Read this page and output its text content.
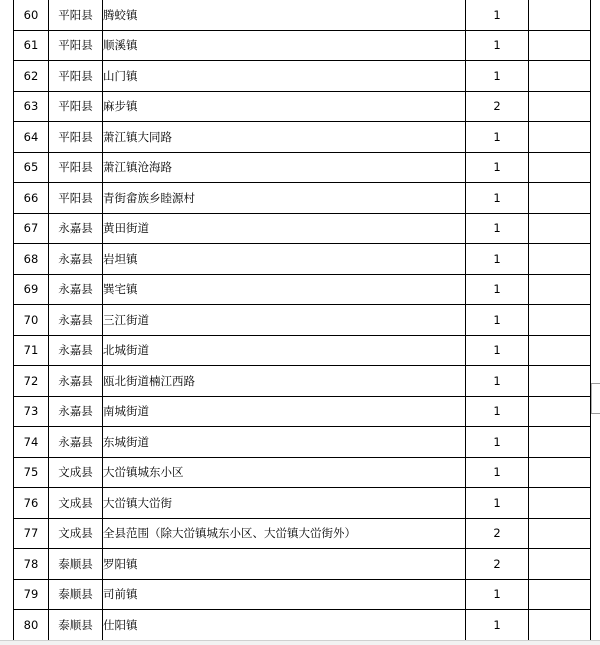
60	平阳县	腾蛟镇	1	
61	平阳县	顺溪镇	1	
62	平阳县	山门镇	1	
63	平阳县	麻步镇	2	
64	平阳县	萧江镇大同路	1	
65	平阳县	萧江镇沧海路	1	
66	平阳县	青街畲族乡睦源村	1	
67	永嘉县	黄田街道	1	
68	永嘉县	岩坦镇	1	
69	永嘉县	巽宅镇	1	
70	永嘉县	三江街道	1	
71	永嘉县	北城街道	1	
72	永嘉县	瓯北街道楠江西路	1	
73	永嘉县	南城街道	1	
74	永嘉县	东城街道	1	
75	文成县	大峃镇城东小区	1	
76	文成县	大峃镇大峃街	1	
77	文成县	全县范围（除大峃镇城东小区、大峃镇大峃街外）	2	
78	泰顺县	罗阳镇	2	
79	泰顺县	司前镇	1	
80	泰顺县	仕阳镇	1	
